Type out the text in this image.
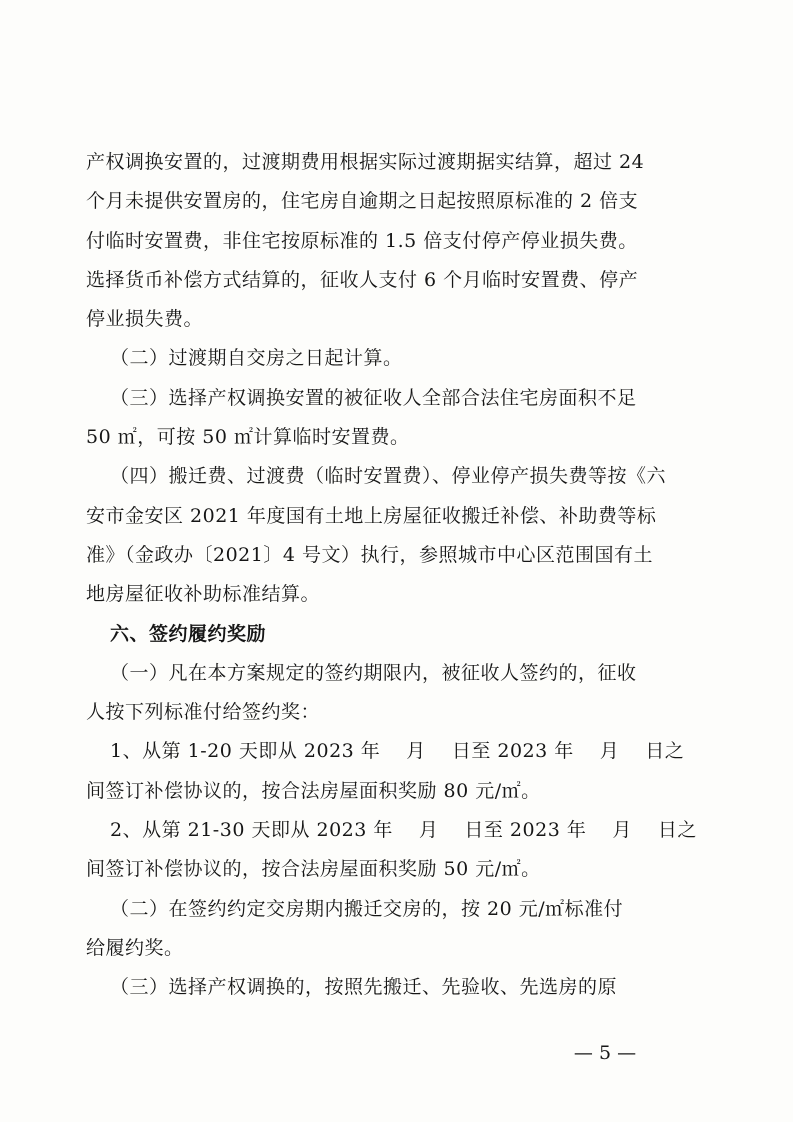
产权调换安置的，过渡期费用根据实际过渡期据实结算，超过 24
个月未提供安置房的，住宅房自逾期之日起按照原标准的 2 倍支
付临时安置费，非住宅按原标准的 1.5 倍支付停产停业损失费。
选择货币补偿方式结算的，征收人支付 6 个月临时安置费、停产
停业损失费。
（二）过渡期自交房之日起计算。
（三）选择产权调换安置的被征收人全部合法住宅房面积不足
50 ㎡，可按 50 ㎡计算临时安置费。
（四）搬迁费、过渡费（临时安置费）、停业停产损失费等按《六
安市金安区 2021 年度国有土地上房屋征收搬迁补偿、补助费等标
准》（金政办〔2021〕4 号文）执行，参照城市中心区范围国有土
地房屋征收补助标准结算。
六、签约履约奖励
（一）凡在本方案规定的签约期限内，被征收人签约的，征收
人按下列标准付给签约奖：
1、从第 1-20 天即从 2023 年 月 日至 2023 年 月 日之
间签订补偿协议的，按合法房屋面积奖励 80 元/㎡。
2、从第 21-30 天即从 2023 年 月 日至 2023 年 月 日之
间签订补偿协议的，按合法房屋面积奖励 50 元/㎡。
（二）在签约约定交房期内搬迁交房的，按 20 元/㎡标准付
给履约奖。
（三）选择产权调换的，按照先搬迁、先验收、先选房的原
— 5 —
